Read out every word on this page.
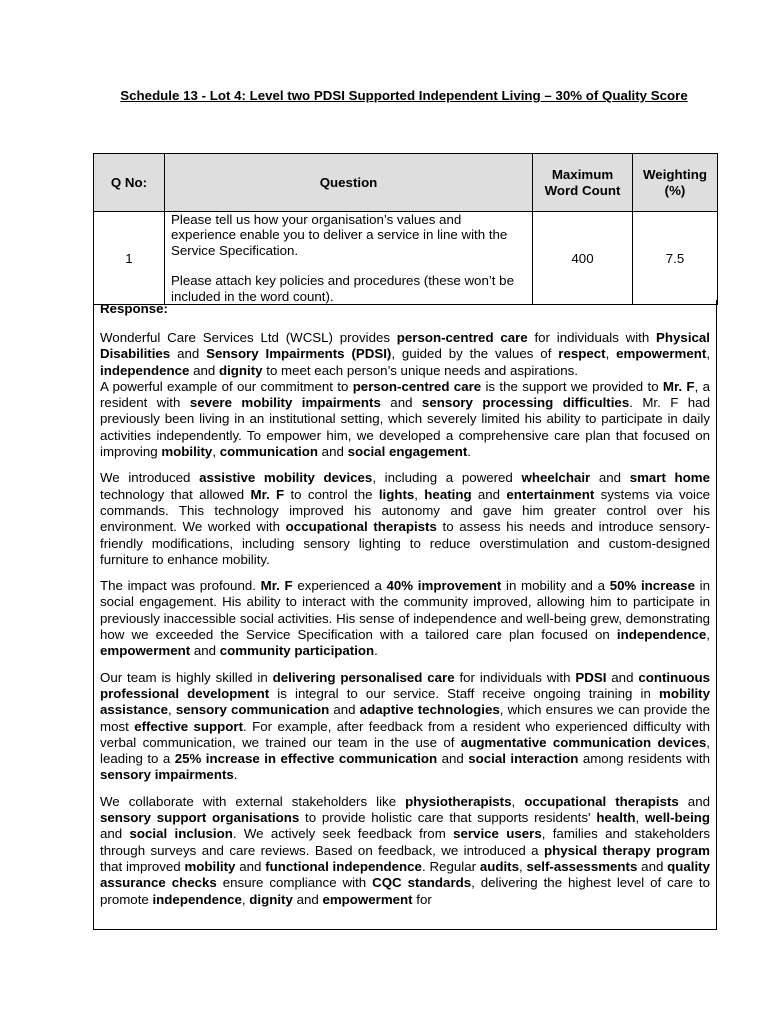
Schedule 13 - Lot 4: Level two PDSI Supported Independent Living – 30% of Quality Score
Q No:	Question	Maximum Word Count	Weighting (%)
1	Please tell us how your organisation’s values and experience enable you to deliver a service in line with the Service Specification.

Please attach key policies and procedures (these won’t be included in the word count).	400	7.5
Response:

Wonderful Care Services Ltd (WCSL) provides person-centred care for individuals with Physical Disabilities and Sensory Impairments (PDSI), guided by the values of respect, empowerment, independence and dignity to meet each person’s unique needs and aspirations.

A powerful example of our commitment to person-centred care is the support we provided to Mr. F, a resident with severe mobility impairments and sensory processing difficulties. Mr. F had previously been living in an institutional setting, which severely limited his ability to participate in daily activities independently. To empower him, we developed a comprehensive care plan that focused on improving mobility, communication and social engagement.

We introduced assistive mobility devices, including a powered wheelchair and smart home technology that allowed Mr. F to control the lights, heating and entertainment systems via voice commands. This technology improved his autonomy and gave him greater control over his environment. We worked with occupational therapists to assess his needs and introduce sensory-friendly modifications, including sensory lighting to reduce overstimulation and custom-designed furniture to enhance mobility.

The impact was profound. Mr. F experienced a 40% improvement in mobility and a 50% increase in social engagement. His ability to interact with the community improved, allowing him to participate in previously inaccessible social activities. His sense of independence and well-being grew, demonstrating how we exceeded the Service Specification with a tailored care plan focused on independence, empowerment and community participation.

Our team is highly skilled in delivering personalised care for individuals with PDSI and continuous professional development is integral to our service. Staff receive ongoing training in mobility assistance, sensory communication and adaptive technologies, which ensures we can provide the most effective support. For example, after feedback from a resident who experienced difficulty with verbal communication, we trained our team in the use of augmentative communication devices, leading to a 25% increase in effective communication and social interaction among residents with sensory impairments.

We collaborate with external stakeholders like physiotherapists, occupational therapists and sensory support organisations to provide holistic care that supports residents' health, well-being and social inclusion. We actively seek feedback from service users, families and stakeholders through surveys and care reviews. Based on feedback, we introduced a physical therapy program that improved mobility and functional independence. Regular audits, self-assessments and quality assurance checks ensure compliance with CQC standards, delivering the highest level of care to promote independence, dignity and empowerment for
